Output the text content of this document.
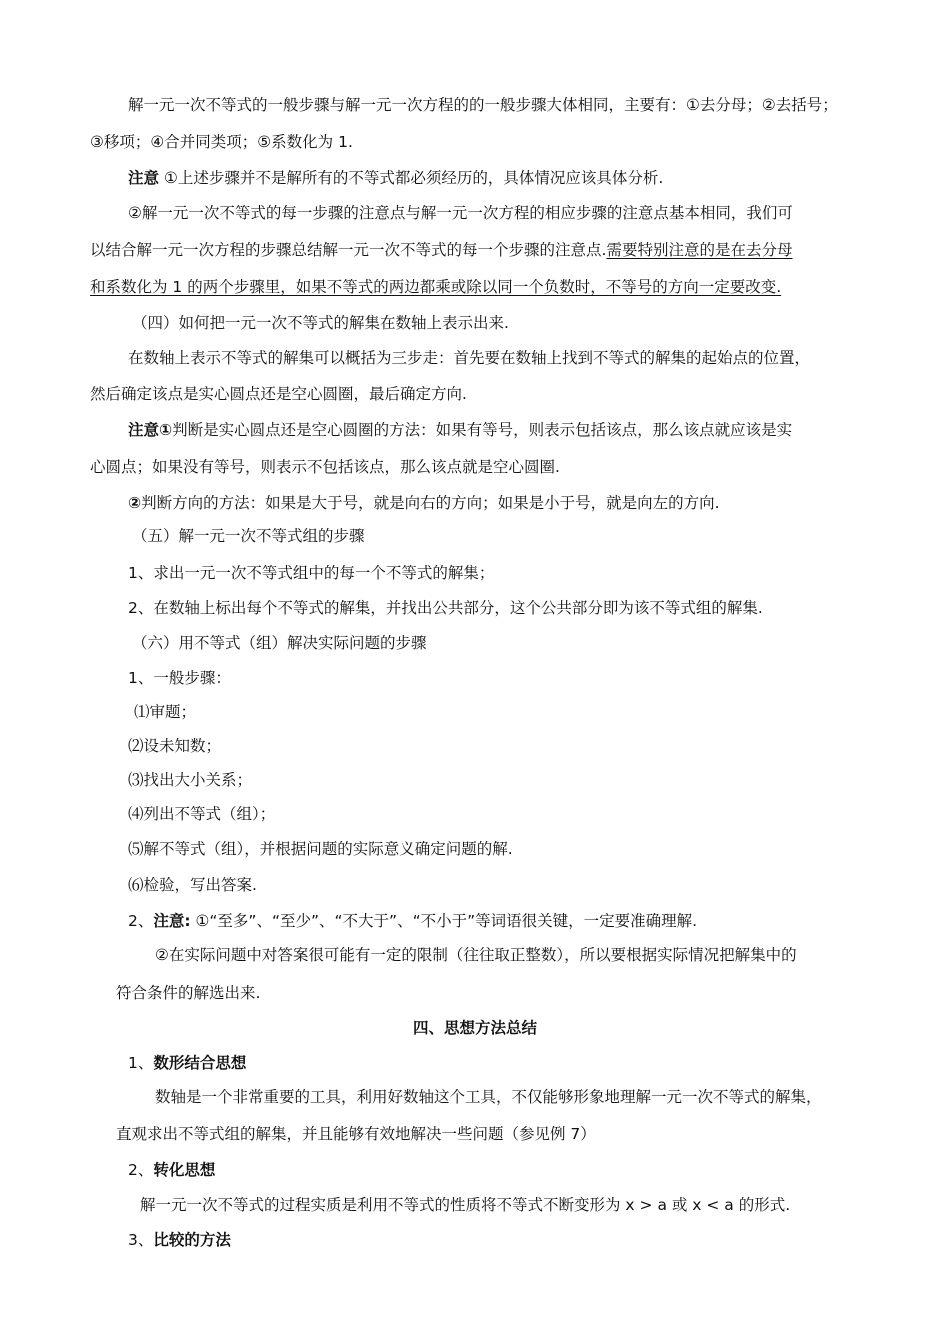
解一元一次不等式的一般步骤与解一元一次方程的的一般步骤大体相同，主要有：①去分母；②去括号；
③移项；④合并同类项；⑤系数化为 1.
注意 ①上述步骤并不是解所有的不等式都必须经历的，具体情况应该具体分析.
②解一元一次不等式的每一步骤的注意点与解一元一次方程的相应步骤的注意点基本相同，我们可
以结合解一元一次方程的步骤总结解一元一次不等式的每一个步骤的注意点.需要特别注意的是在去分母
和系数化为 1 的两个步骤里，如果不等式的两边都乘或除以同一个负数时，不等号的方向一定要改变.
（四）如何把一元一次不等式的解集在数轴上表示出来.
在数轴上表示不等式的解集可以概括为三步走：首先要在数轴上找到不等式的解集的起始点的位置，
然后确定该点是实心圆点还是空心圆圈，最后确定方向.
注意①判断是实心圆点还是空心圆圈的方法：如果有等号，则表示包括该点，那么该点就应该是实
心圆点；如果没有等号，则表示不包括该点，那么该点就是空心圆圈.
②判断方向的方法：如果是大于号，就是向右的方向；如果是小于号，就是向左的方向.
（五）解一元一次不等式组的步骤
1、求出一元一次不等式组中的每一个不等式的解集；
2、在数轴上标出每个不等式的解集，并找出公共部分，这个公共部分即为该不等式组的解集.
（六）用不等式（组）解决实际问题的步骤
1、一般步骤：
⑴审题；
⑵设未知数；
⑶找出大小关系；
⑷列出不等式（组）；
⑸解不等式（组），并根据问题的实际意义确定问题的解.
⑹检验，写出答案.
2、注意: ①“至多”、“至少”、“不大于”、“不小于”等词语很关键，一定要准确理解.
②在实际问题中对答案很可能有一定的限制（往往取正整数），所以要根据实际情况把解集中的
符合条件的解选出来.
四、思想方法总结
1、数形结合思想
数轴是一个非常重要的工具，利用好数轴这个工具，不仅能够形象地理解一元一次不等式的解集，
直观求出不等式组的解集，并且能够有效地解决一些问题（参见例 7）
2、转化思想
解一元一次不等式的过程实质是利用不等式的性质将不等式不断变形为 x > a 或 x < a 的形式.
3、比较的方法
